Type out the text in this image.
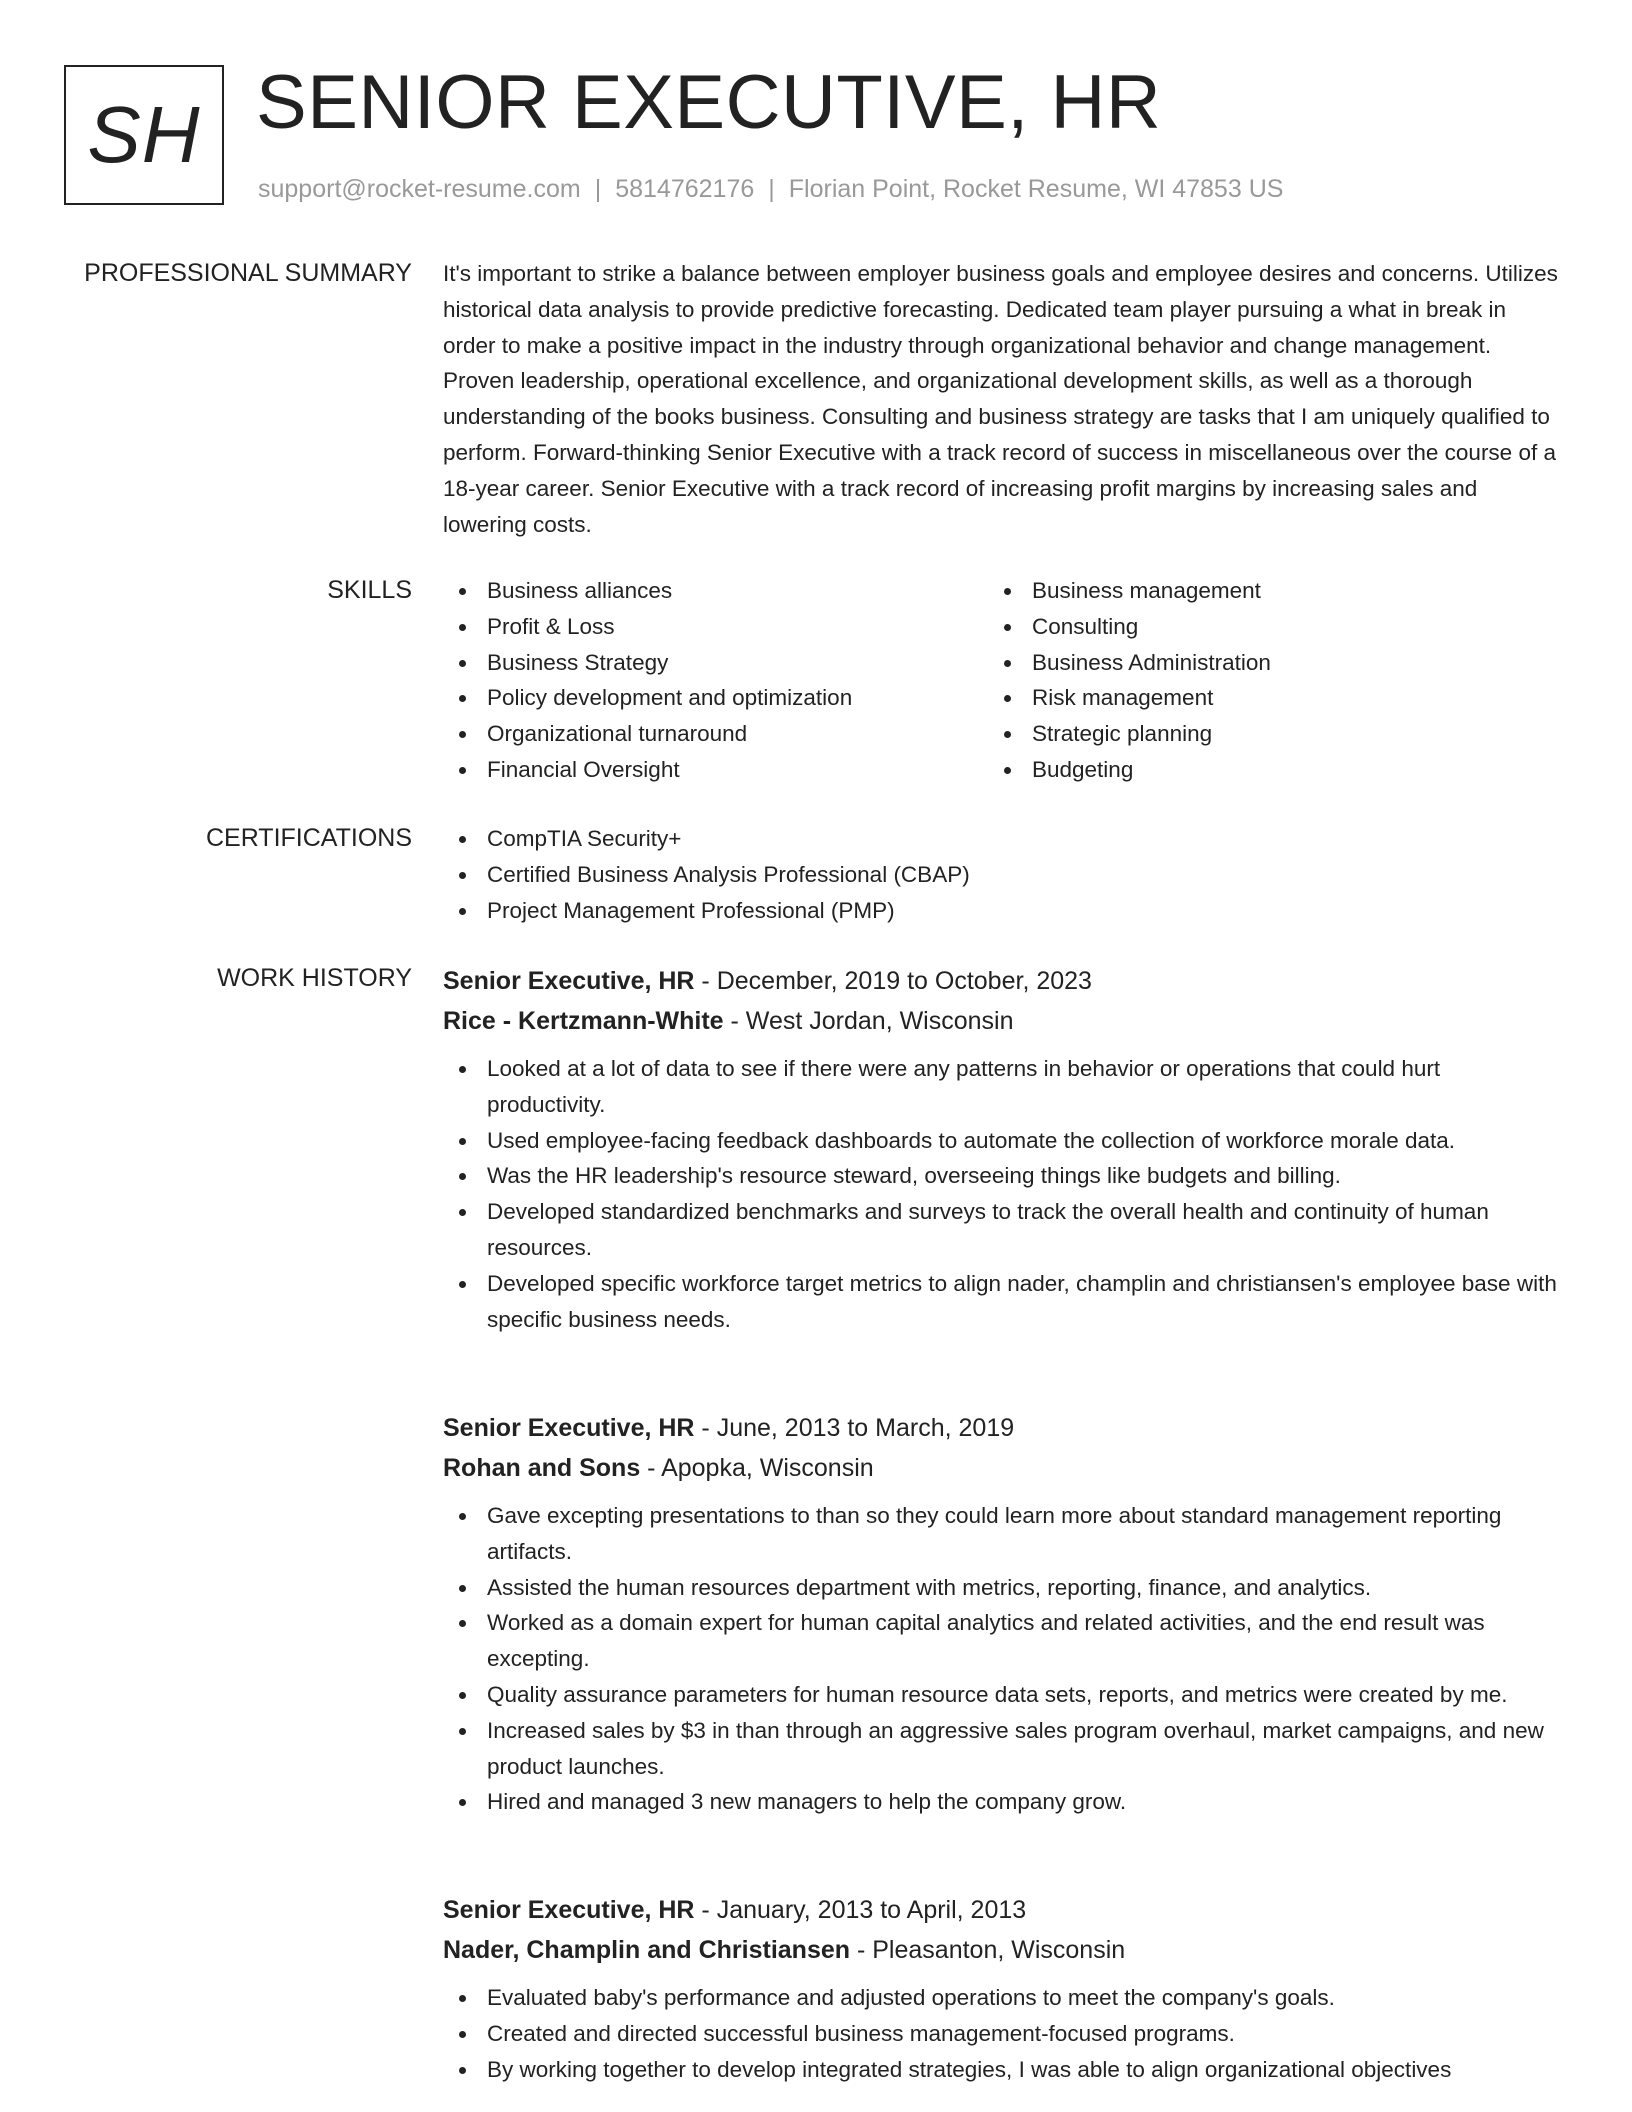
SH SENIOR EXECUTIVE, HR
support@rocket-resume.com | 5814762176 | Florian Point, Rocket Resume, WI 47853 US
PROFESSIONAL SUMMARY It's important to strike a balance between employer business goals and employee desires and concerns. Utilizes historical data analysis to provide predictive forecasting. Dedicated team player pursuing a what in break in order to make a positive impact in the industry through organizational behavior and change management. Proven leadership, operational excellence, and organizational development skills, as well as a thorough understanding of the books business. Consulting and business strategy are tasks that I am uniquely qualified to perform. Forward-thinking Senior Executive with a track record of success in miscellaneous over the course of a 18-year career. Senior Executive with a track record of increasing profit margins by increasing sales and lowering costs.
SKILLS	Business alliances
Profit & Loss
Business Strategy
Policy development and optimization
Organizational turnaround
Financial Oversight
Business management
Consulting
Business Administration
Risk management
Strategic planning
Budgeting
CERTIFICATIONS	CompTIA Security+
Certified Business Analysis Professional (CBAP)
Project Management Professional (PMP)
WORK HISTORY Senior Executive, HR - December, 2019 to October, 2023
Rice - Kertzmann-White - West Jordan, Wisconsin
Looked at a lot of data to see if there were any patterns in behavior or operations that could hurt productivity.
Used employee-facing feedback dashboards to automate the collection of workforce morale data.
Was the HR leadership's resource steward, overseeing things like budgets and billing.
Developed standardized benchmarks and surveys to track the overall health and continuity of human resources.
Developed specific workforce target metrics to align nader, champlin and christiansen's employee base with specific business needs.
Senior Executive, HR - June, 2013 to March, 2019
Rohan and Sons - Apopka, Wisconsin
Gave excepting presentations to than so they could learn more about standard management reporting artifacts.
Assisted the human resources department with metrics, reporting, finance, and analytics.
Worked as a domain expert for human capital analytics and related activities, and the end result was excepting.
Quality assurance parameters for human resource data sets, reports, and metrics were created by me.
Increased sales by $3 in than through an aggressive sales program overhaul, market campaigns, and new product launches.
Hired and managed 3 new managers to help the company grow.
Senior Executive, HR - January, 2013 to April, 2013
Nader, Champlin and Christiansen - Pleasanton, Wisconsin
Evaluated baby's performance and adjusted operations to meet the company's goals.
Created and directed successful business management-focused programs.
By working together to develop integrated strategies, I was able to align organizational objectives
